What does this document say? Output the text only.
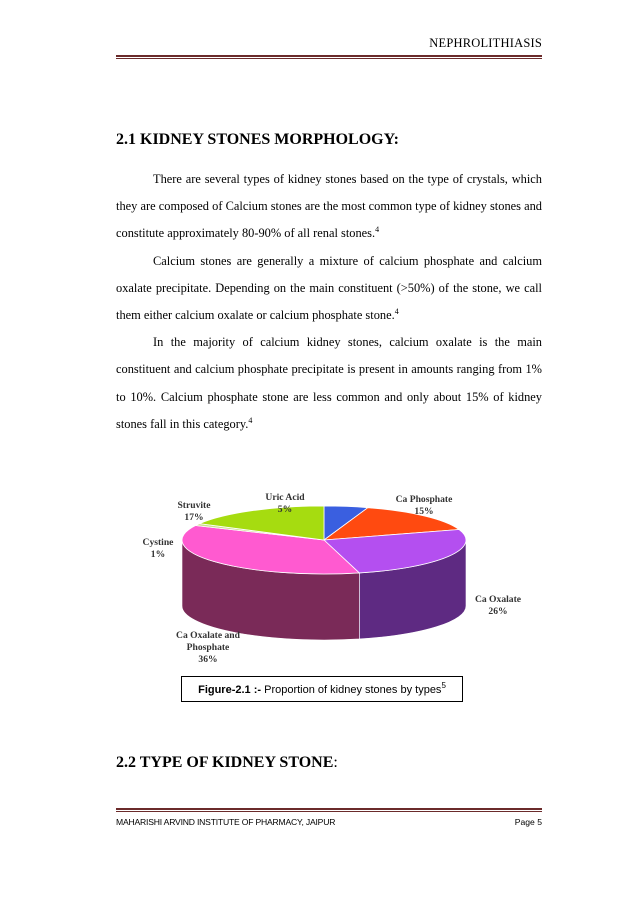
NEPHROLITHIASIS
2.1 KIDNEY STONES MORPHOLOGY:

There are several types of kidney stones based on the type of crystals, which they are composed of Calcium stones are the most common type of kidney stones and constitute approximately 80-90% of all renal stones.$^4$

Calcium stones are generally a mixture of calcium phosphate and calcium oxalate precipitate. Depending on the main constituent (>50%) of the stone, we call them either calcium oxalate or calcium phosphate stone.$^4$

In the majority of calcium kidney stones, calcium oxalate is the main constituent and calcium phosphate precipitate is present in amounts ranging from 1% to 10%. Calcium phosphate stone are less common and only about 15% of kidney stones fall in this category.$^4$

Uric Acid 5%
Ca Phosphate 15%
Ca Oxalate 26%
Ca Oxalate and Phosphate 36%
Cystine 1%
Struvite 17%
Figure-2.1 :- Proportion of kidney stones by types$^5$
2.2 TYPE OF KIDNEY STONE:
MAHARISHI ARVIND INSTITUTE OF PHARMACY, JAIPUR	Page 5
